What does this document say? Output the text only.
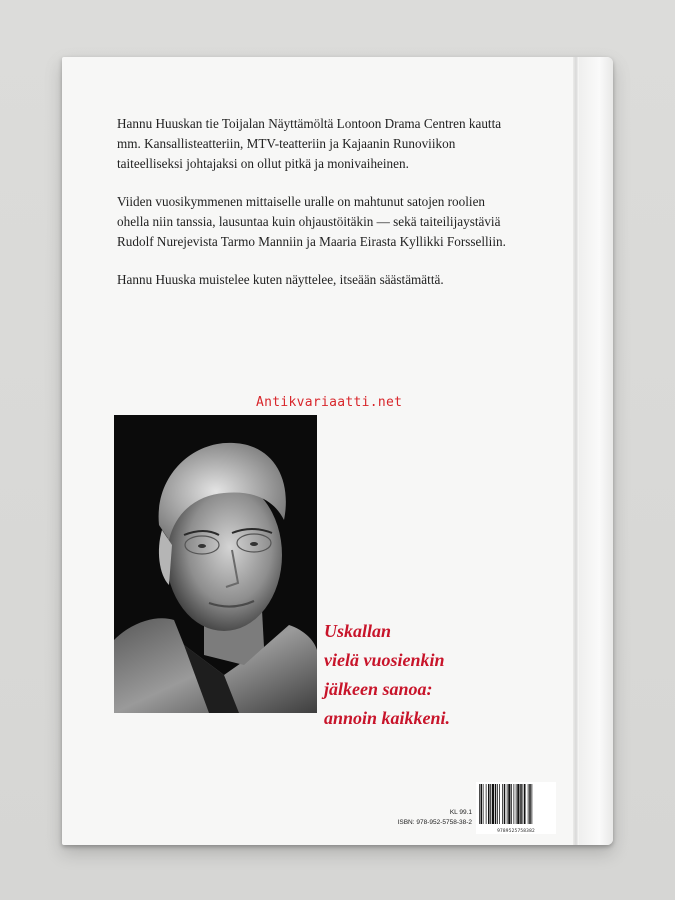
Hannu Huuskan tie Toijalan Näyttämöltä Lontoon Drama Centren kautta mm. Kansallisteatteriin, MTV-teatteriin ja Kajaanin Runoviikon taiteelliseksi johtajaksi on ollut pitkä ja monivaiheinen.

Viiden vuosikymmenen mittaiselle uralle on mahtunut satojen roolien ohella niin tanssia, lausuntaa kuin ohjaustöitäkin — sekä taiteilijaystäviä Rudolf Nurejevista Tarmo Manniin ja Maaria Eirasta Kyllikki Forsselliin.

Hannu Huuska muistelee kuten näyttelee, itseään säästämättä.

Antikvariaatti.net
Uskallan
vielä vuosienkin
jälkeen sanoa:
annoin kaikkeni.
KL 99.1
ISBN: 978-952-5758-38-2
9789525758382
